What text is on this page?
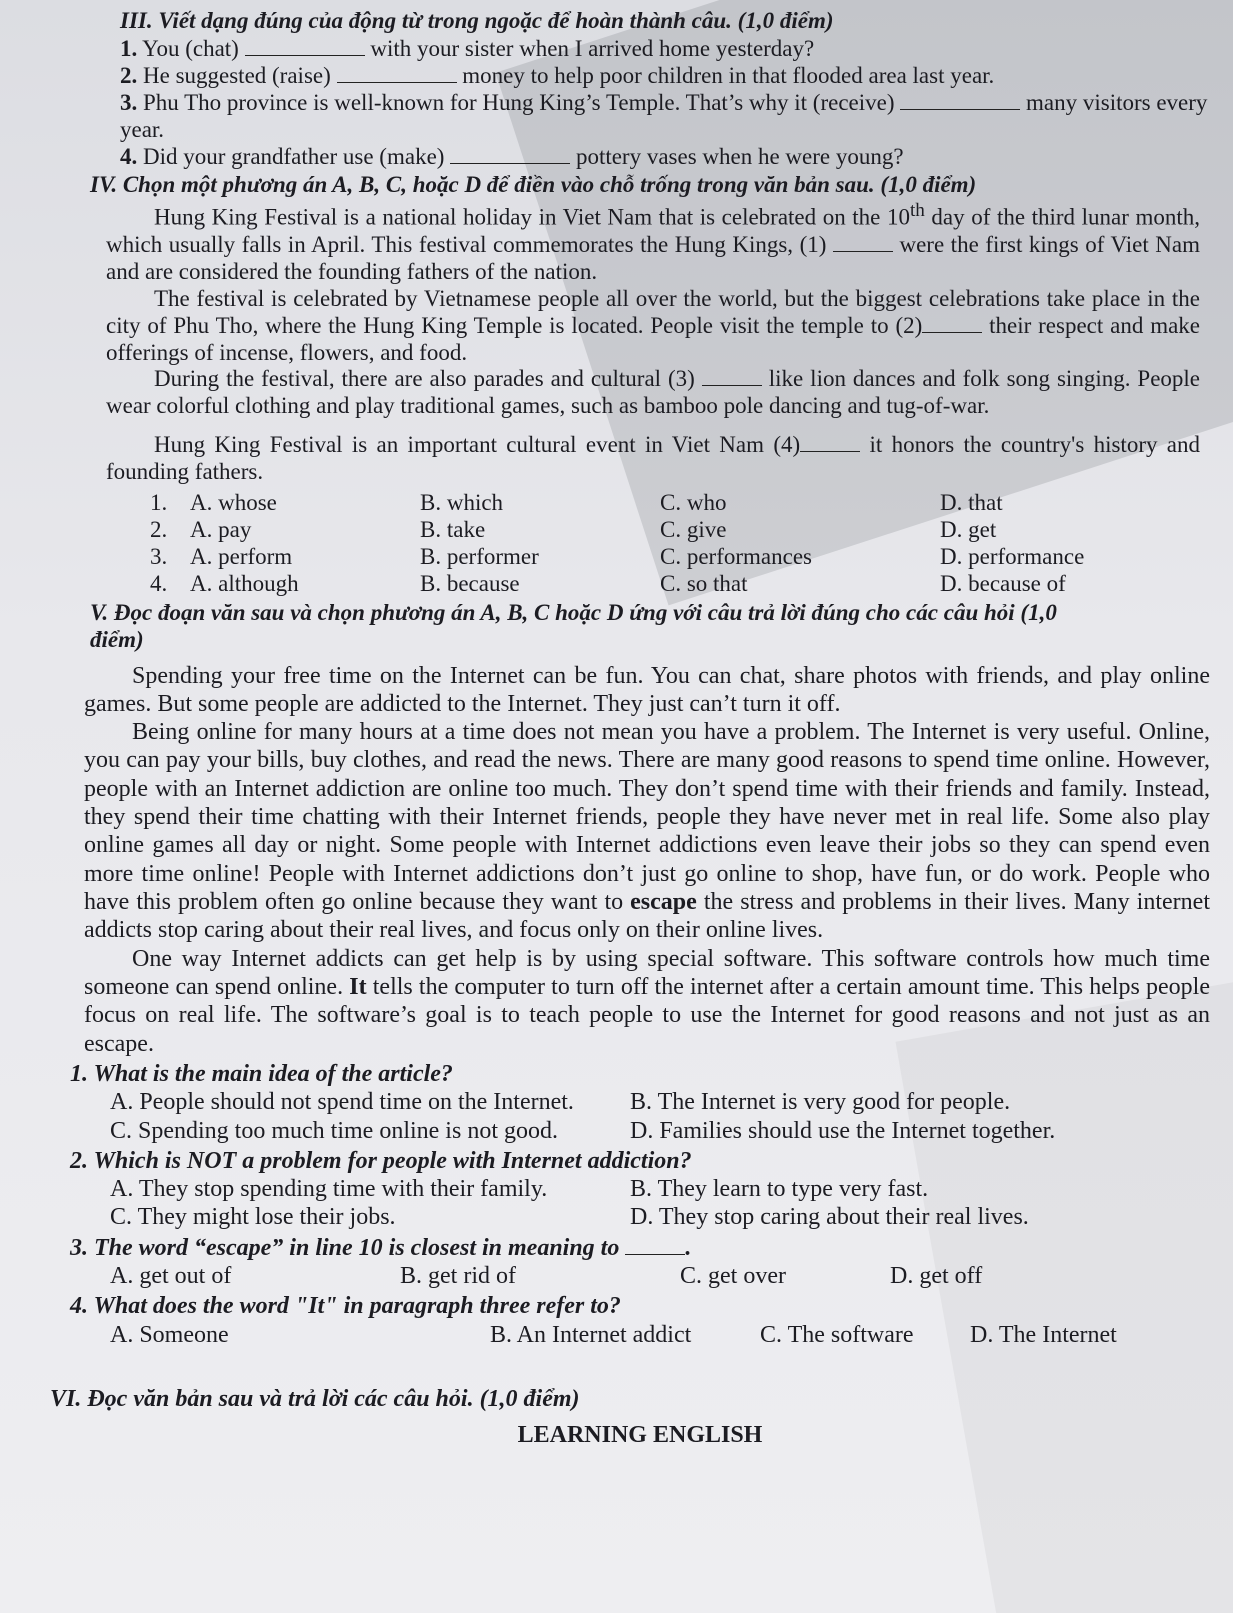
III. Viết dạng đúng của động từ trong ngoặc để hoàn thành câu. (1,0 điểm)
1. You (chat)	with your sister when I arrived home yesterday?
2. He suggested (raise)	money to help poor children in that flooded area last year.
3. Phu Tho province is well-known for Hung King’s Temple. That’s why it (receive)	many visitors every year.
4. Did your grandfather use (make)	pottery vases when he were young?
IV. Chọn một phương án A, B, C, hoặc D để điền vào chỗ trống trong văn bản sau. (1,0 điểm)
Hung King Festival is a national holiday in Viet Nam that is celebrated on the 10th day of the third lunar month, which usually falls in April. This festival commemorates the Hung Kings, (1)	were the first kings of Viet Nam and are considered the founding fathers of the nation.
The festival is celebrated by Vietnamese people all over the world, but the biggest celebrations take place in the city of Phu Tho, where the Hung King Temple is located. People visit the temple to (2)	their respect and make offerings of incense, flowers, and food.
During the festival, there are also parades and cultural (3)	like lion dances and folk song singing. People wear colorful clothing and play traditional games, such as bamboo pole dancing and tug-of-war.
Hung King Festival is an important cultural event in Viet Nam (4)	it honors the country's history and founding fathers.
1. A. whose	B. which	C. who	D. that
2. A. pay	B. take	C. give	D. get
3. A. perform	B. performer	C. performances	D. performance
4. A. although	B. because	C. so that	D. because of
V. Đọc đoạn văn sau và chọn phương án A, B, C hoặc D ứng với câu trả lời đúng cho các câu hỏi (1,0 điểm)
Spending your free time on the Internet can be fun. You can chat, share photos with friends, and play online games. But some people are addicted to the Internet. They just can’t turn it off.
Being online for many hours at a time does not mean you have a problem. The Internet is very useful. Online, you can pay your bills, buy clothes, and read the news. There are many good reasons to spend time online. However, people with an Internet addiction are online too much. They don’t spend time with their friends and family. Instead, they spend their time chatting with their Internet friends, people they have never met in real life. Some also play online games all day or night. Some people with Internet addictions even leave their jobs so they can spend even more time online! People with Internet addictions don’t just go online to shop, have fun, or do work. People who have this problem often go online because they want to escape the stress and problems in their lives. Many internet addicts stop caring about their real lives, and focus only on their online lives.
One way Internet addicts can get help is by using special software. This software controls how much time someone can spend online. It tells the computer to turn off the internet after a certain amount time. This helps people focus on real life. The software’s goal is to teach people to use the Internet for good reasons and not just as an escape.
1. What is the main idea of the article?
A. People should not spend time on the Internet.	B. The Internet is very good for people.
C. Spending too much time online is not good.	D. Families should use the Internet together.
2. Which is NOT a problem for people with Internet addiction?
A. They stop spending time with their family.	B. They learn to type very fast.
C. They might lose their jobs.	D. They stop caring about their real lives.
3. The word “escape” in line 10 is closest in meaning to	.
A. get out of	B. get rid of	C. get over	D. get off
4. What does the word "It" in paragraph three refer to?
A. Someone	B. An Internet addict	C. The software	D. The Internet
VI. Đọc văn bản sau và trả lời các câu hỏi. (1,0 điểm)
LEARNING ENGLISH
